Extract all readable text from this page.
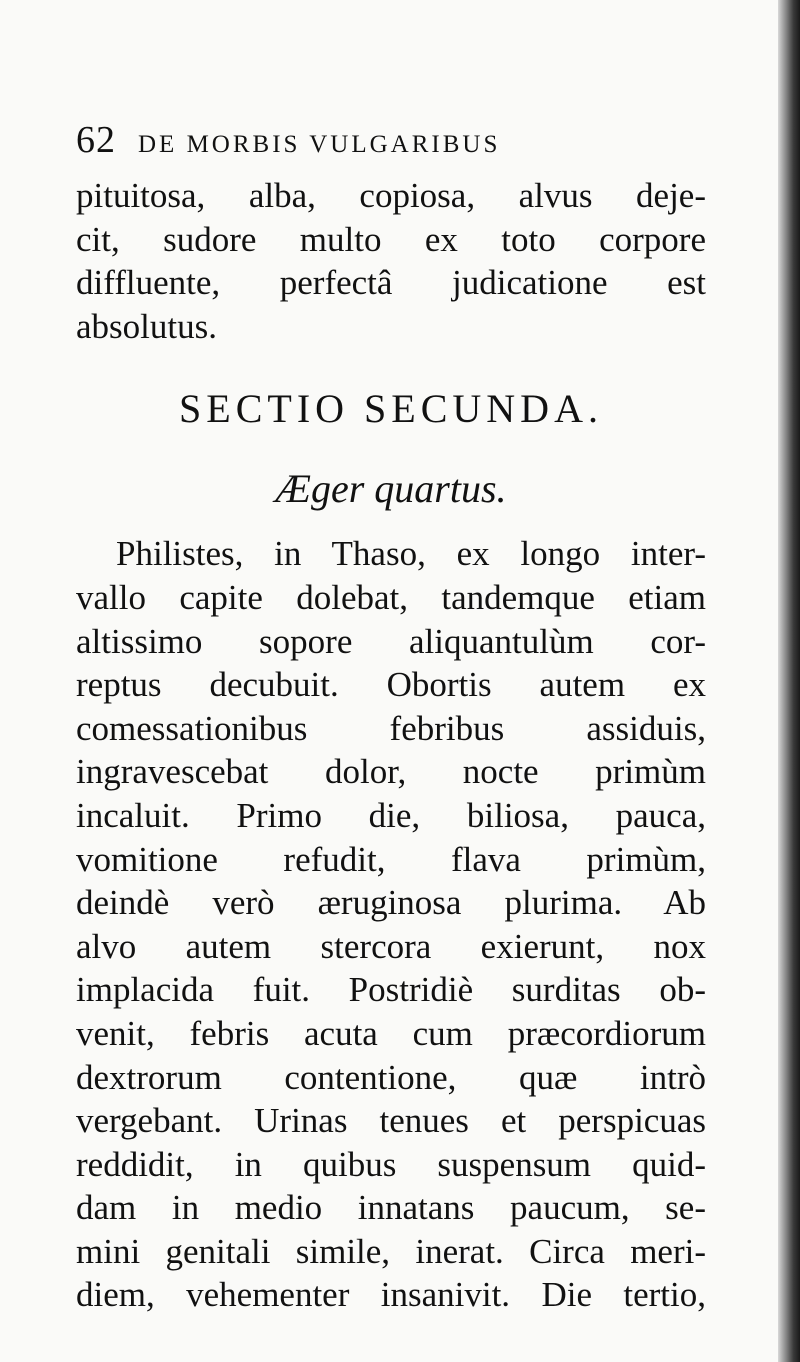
62 DE MORBIS VULGARIBUS
pituitosa, alba, copiosa, alvus deje-
cit, sudore multo ex toto corpore
diffluente, perfectâ judicatione est
absolutus.
SECTIO SECUNDA.
Æger quartus.
Philistes, in Thaso, ex longo inter-
vallo capite dolebat, tandemque etiam
altissimo sopore aliquantulùm cor-
reptus decubuit. Obortis autem ex
comessationibus febribus assiduis,
ingravescebat dolor, nocte primùm
incaluit. Primo die, biliosa, pauca,
vomitione refudit, flava primùm,
deindè verò æruginosa plurima. Ab
alvo autem stercora exierunt, nox
implacida fuit. Postridiè surditas ob-
venit, febris acuta cum præcordiorum
dextrorum contentione, quæ intrò
vergebant. Urinas tenues et perspicuas
reddidit, in quibus suspensum quid-
dam in medio innatans paucum, se-
mini genitali simile, inerat. Circa meri-
diem, vehementer insanivit. Die tertio,
